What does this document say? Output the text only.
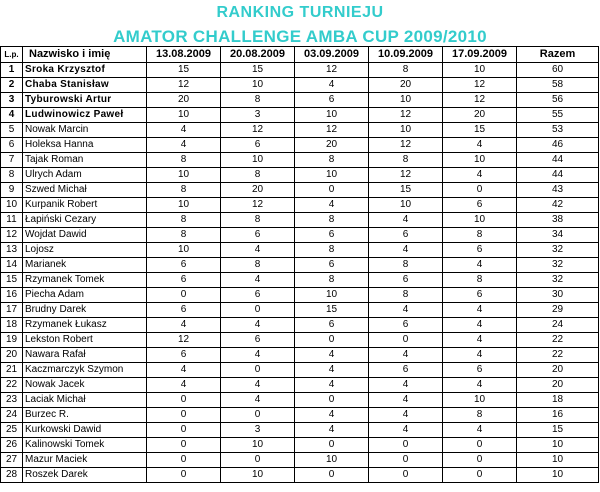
RANKING TURNIEJU
AMATOR CHALLENGE AMBA CUP 2009/2010
L.p.	Nazwisko i imię	13.08.2009	20.08.2009	03.09.2009	10.09.2009	17.09.2009	Razem
1	Sroka Krzysztof	15	15	12	8	10	60
2	Chaba Stanisław	12	10	4	20	12	58
3	Tyburowski Artur	20	8	6	10	12	56
4	Ludwinowicz Paweł	10	3	10	12	20	55
5	Nowak Marcin	4	12	12	10	15	53
6	Holeksa Hanna	4	6	20	12	4	46
7	Tajak Roman	8	10	8	8	10	44
8	Ulrych Adam	10	8	10	12	4	44
9	Szwed Michał	8	20	0	15	0	43
10	Kurpanik Robert	10	12	4	10	6	42
11	Łapiński Cezary	8	8	8	4	10	38
12	Wojdat Dawid	8	6	6	6	8	34
13	Lojosz	10	4	8	4	6	32
14	Marianek	6	8	6	8	4	32
15	Rzymanek Tomek	6	4	8	6	8	32
16	Piecha Adam	0	6	10	8	6	30
17	Brudny Darek	6	0	15	4	4	29
18	Rzymanek Łukasz	4	4	6	6	4	24
19	Lekston Robert	12	6	0	0	4	22
20	Nawara Rafał	6	4	4	4	4	22
21	Kaczmarczyk Szymon	4	0	4	6	6	20
22	Nowak Jacek	4	4	4	4	4	20
23	Laciak Michał	0	4	0	4	10	18
24	Burzec R.	0	0	4	4	8	16
25	Kurkowski Dawid	0	3	4	4	4	15
26	Kalinowski Tomek	0	10	0	0	0	10
27	Mazur Maciek	0	0	10	0	0	10
28	Roszek Darek	0	10	0	0	0	10
